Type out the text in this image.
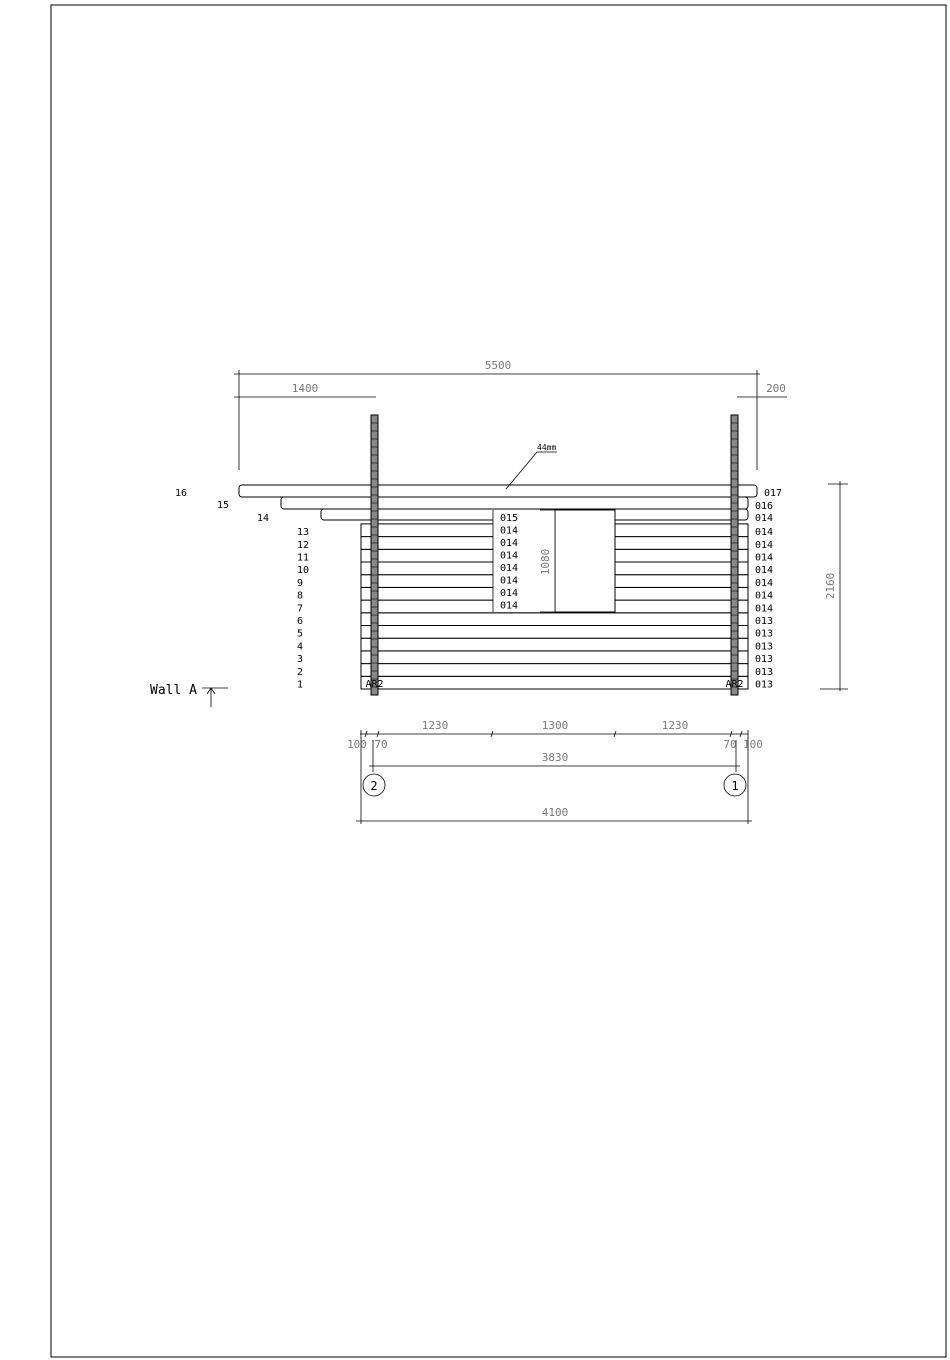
015
014
014
014
014
014
014
014
1080
AR2	AR2
1
2
3
4
5
6
7
8
9
10
11
12
13
14
15
16
013
013
013
013
013
013
014
014
014
014
014
014
014
014
016
017
5500
1400	200
44mm
2160
Wall A
1230	1300	1230
100 70	70 100
3830
2	1
4100
